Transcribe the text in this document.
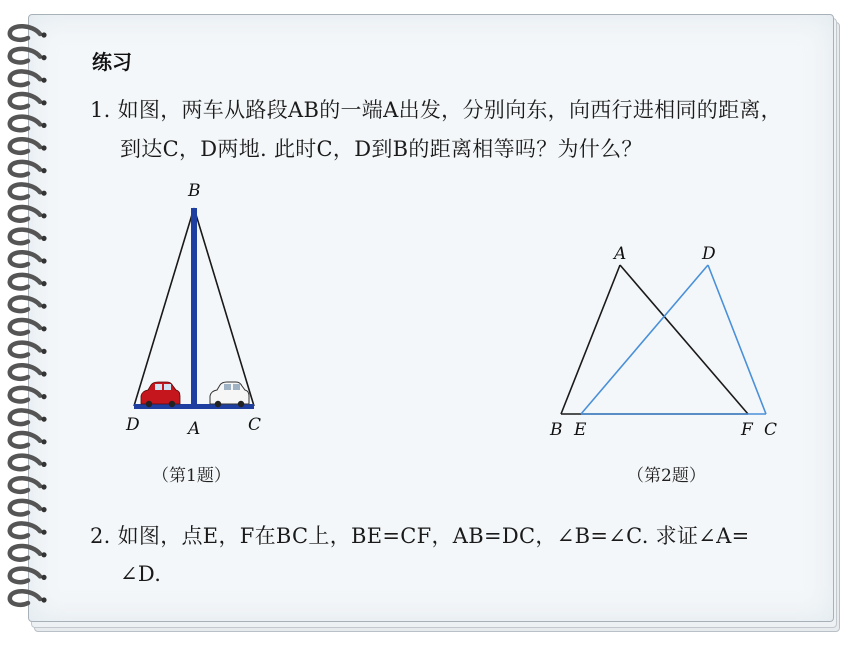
练习
1. 如图，两车从路段AB的一端A出发，分别向东，向西行进相同的距离，
到达C，D两地. 此时C，D到B的距离相等吗？为什么？
B
D	A	C
（第1题）
A	D
B E	F C
（第2题）
2. 如图，点E，F在BC上，BE=CF，AB=DC，∠B=∠C. 求证∠A=
∠D.
